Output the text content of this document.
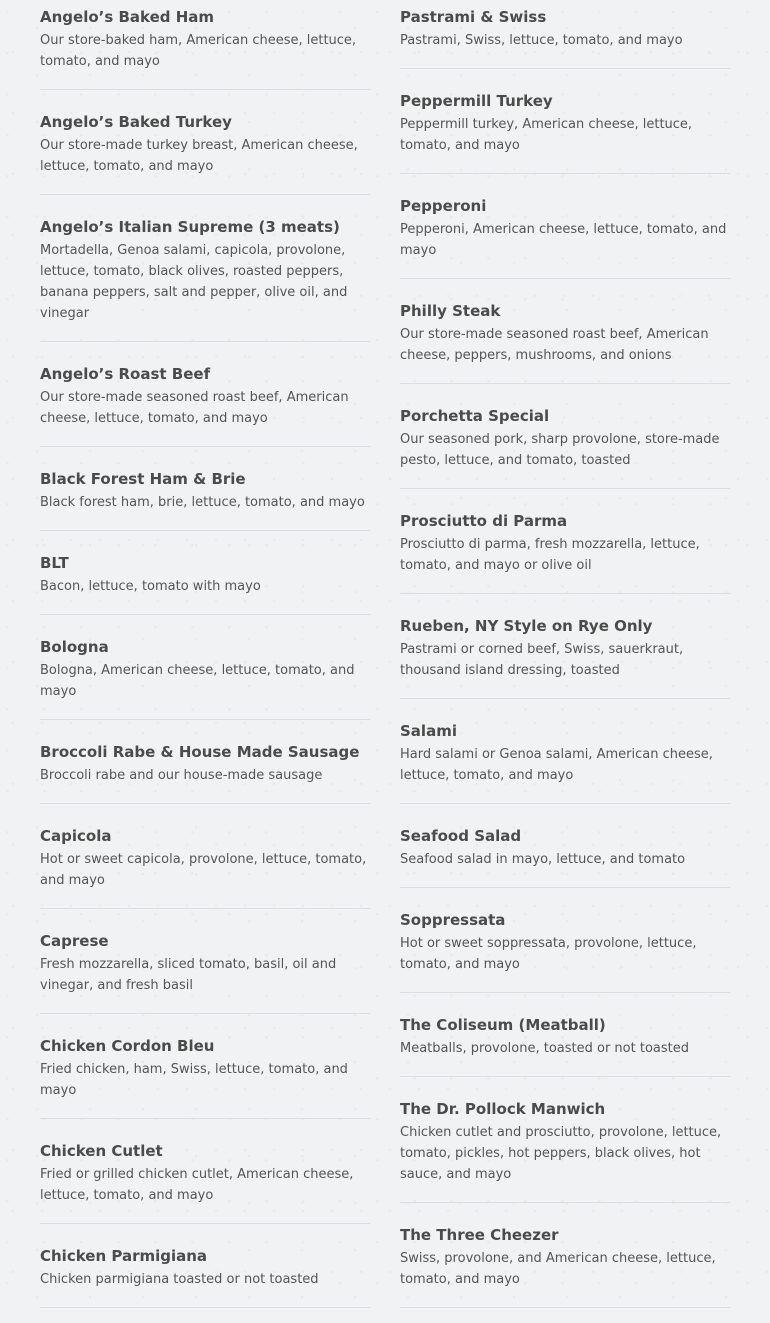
Angelo’s Baked Ham

Our store-baked ham, American cheese, lettuce, tomato, and mayo

Angelo’s Baked Turkey

Our store-made turkey breast, American cheese, lettuce, tomato, and mayo

Angelo’s Italian Supreme (3 meats)

Mortadella, Genoa salami, capicola, provolone, lettuce, tomato, black olives, roasted peppers, banana peppers, salt and pepper, olive oil, and vinegar

Angelo’s Roast Beef

Our store-made seasoned roast beef, American cheese, lettuce, tomato, and mayo

Black Forest Ham & Brie

Black forest ham, brie, lettuce, tomato, and mayo

BLT

Bacon, lettuce, tomato with mayo

Bologna

Bologna, American cheese, lettuce, tomato, and mayo

Broccoli Rabe & House Made Sausage

Broccoli rabe and our house-made sausage

Capicola

Hot or sweet capicola, provolone, lettuce, tomato, and mayo

Caprese

Fresh mozzarella, sliced tomato, basil, oil and vinegar, and fresh basil

Chicken Cordon Bleu

Fried chicken, ham, Swiss, lettuce, tomato, and mayo

Chicken Cutlet

Fried or grilled chicken cutlet, American cheese, lettuce, tomato, and mayo

Chicken Parmigiana

Chicken parmigiana toasted or not toasted

Pastrami & Swiss

Pastrami, Swiss, lettuce, tomato, and mayo

Peppermill Turkey

Peppermill turkey, American cheese, lettuce, tomato, and mayo

Pepperoni

Pepperoni, American cheese, lettuce, tomato, and mayo

Philly Steak

Our store-made seasoned roast beef, American cheese, peppers, mushrooms, and onions

Porchetta Special

Our seasoned pork, sharp provolone, store-made pesto, lettuce, and tomato, toasted

Prosciutto di Parma

Prosciutto di parma, fresh mozzarella, lettuce, tomato, and mayo or olive oil

Rueben, NY Style on Rye Only

Pastrami or corned beef, Swiss, sauerkraut, thousand island dressing, toasted

Salami

Hard salami or Genoa salami, American cheese, lettuce, tomato, and mayo

Seafood Salad

Seafood salad in mayo, lettuce, and tomato

Soppressata

Hot or sweet soppressata, provolone, lettuce, tomato, and mayo

The Coliseum (Meatball)

Meatballs, provolone, toasted or not toasted

The Dr. Pollock Manwich

Chicken cutlet and prosciutto, provolone, lettuce, tomato, pickles, hot peppers, black olives, hot sauce, and mayo

The Three Cheezer

Swiss, provolone, and American cheese, lettuce, tomato, and mayo
